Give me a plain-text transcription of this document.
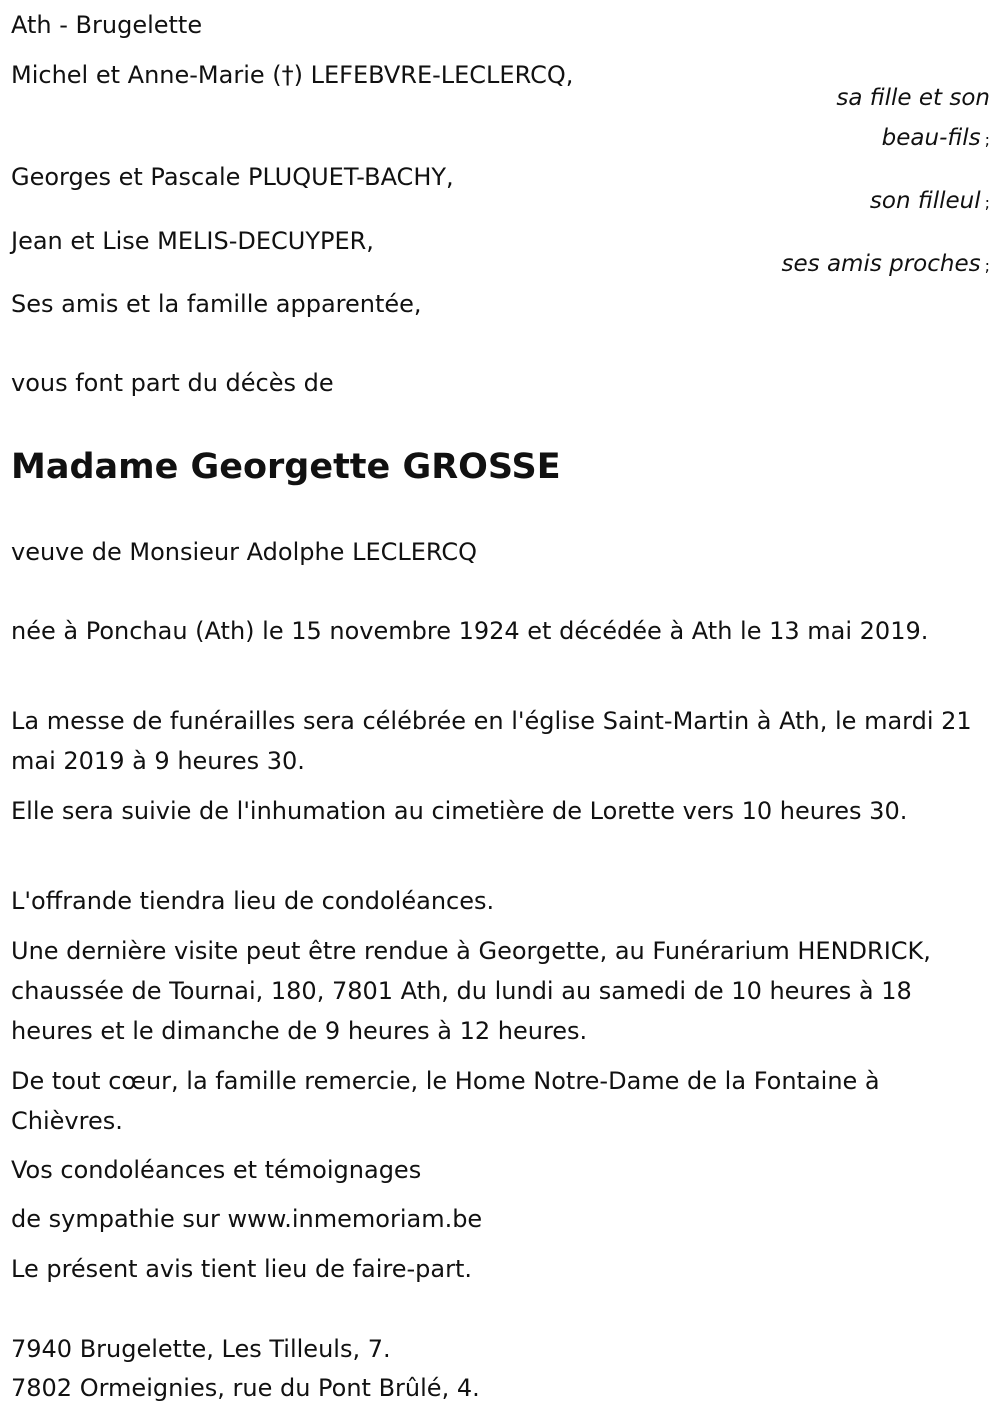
Ath - Brugelette
Michel et Anne-Marie (†) LEFEBVRE-LECLERCQ,
sa fille et son
beau-fils ;
Georges et Pascale PLUQUET-BACHY,
son filleul ;
Jean et Lise MELIS-DECUYPER,
ses amis proches ;
Ses amis et la famille apparentée,
vous font part du décès de
Madame Georgette GROSSE
veuve de Monsieur Adolphe LECLERCQ
née à Ponchau (Ath) le 15 novembre 1924 et décédée à Ath le 13 mai 2019.
La messe de funérailles sera célébrée en l'église Saint-Martin à Ath, le mardi 21 mai 2019 à 9 heures 30.
Elle sera suivie de l'inhumation au cimetière de Lorette vers 10 heures 30.
L'offrande tiendra lieu de condoléances.
Une dernière visite peut être rendue à Georgette, au Funérarium HENDRICK, chaussée de Tournai, 180, 7801 Ath, du lundi au samedi de 10 heures à 18 heures et le dimanche de 9 heures à 12 heures.
De tout cœur, la famille remercie, le Home Notre-Dame de la Fontaine à Chièvres.
Vos condoléances et témoignages
de sympathie sur www.inmemoriam.be
Le présent avis tient lieu de faire-part.
7940 Brugelette, Les Tilleuls, 7.
7802 Ormeignies, rue du Pont Brûlé, 4.
